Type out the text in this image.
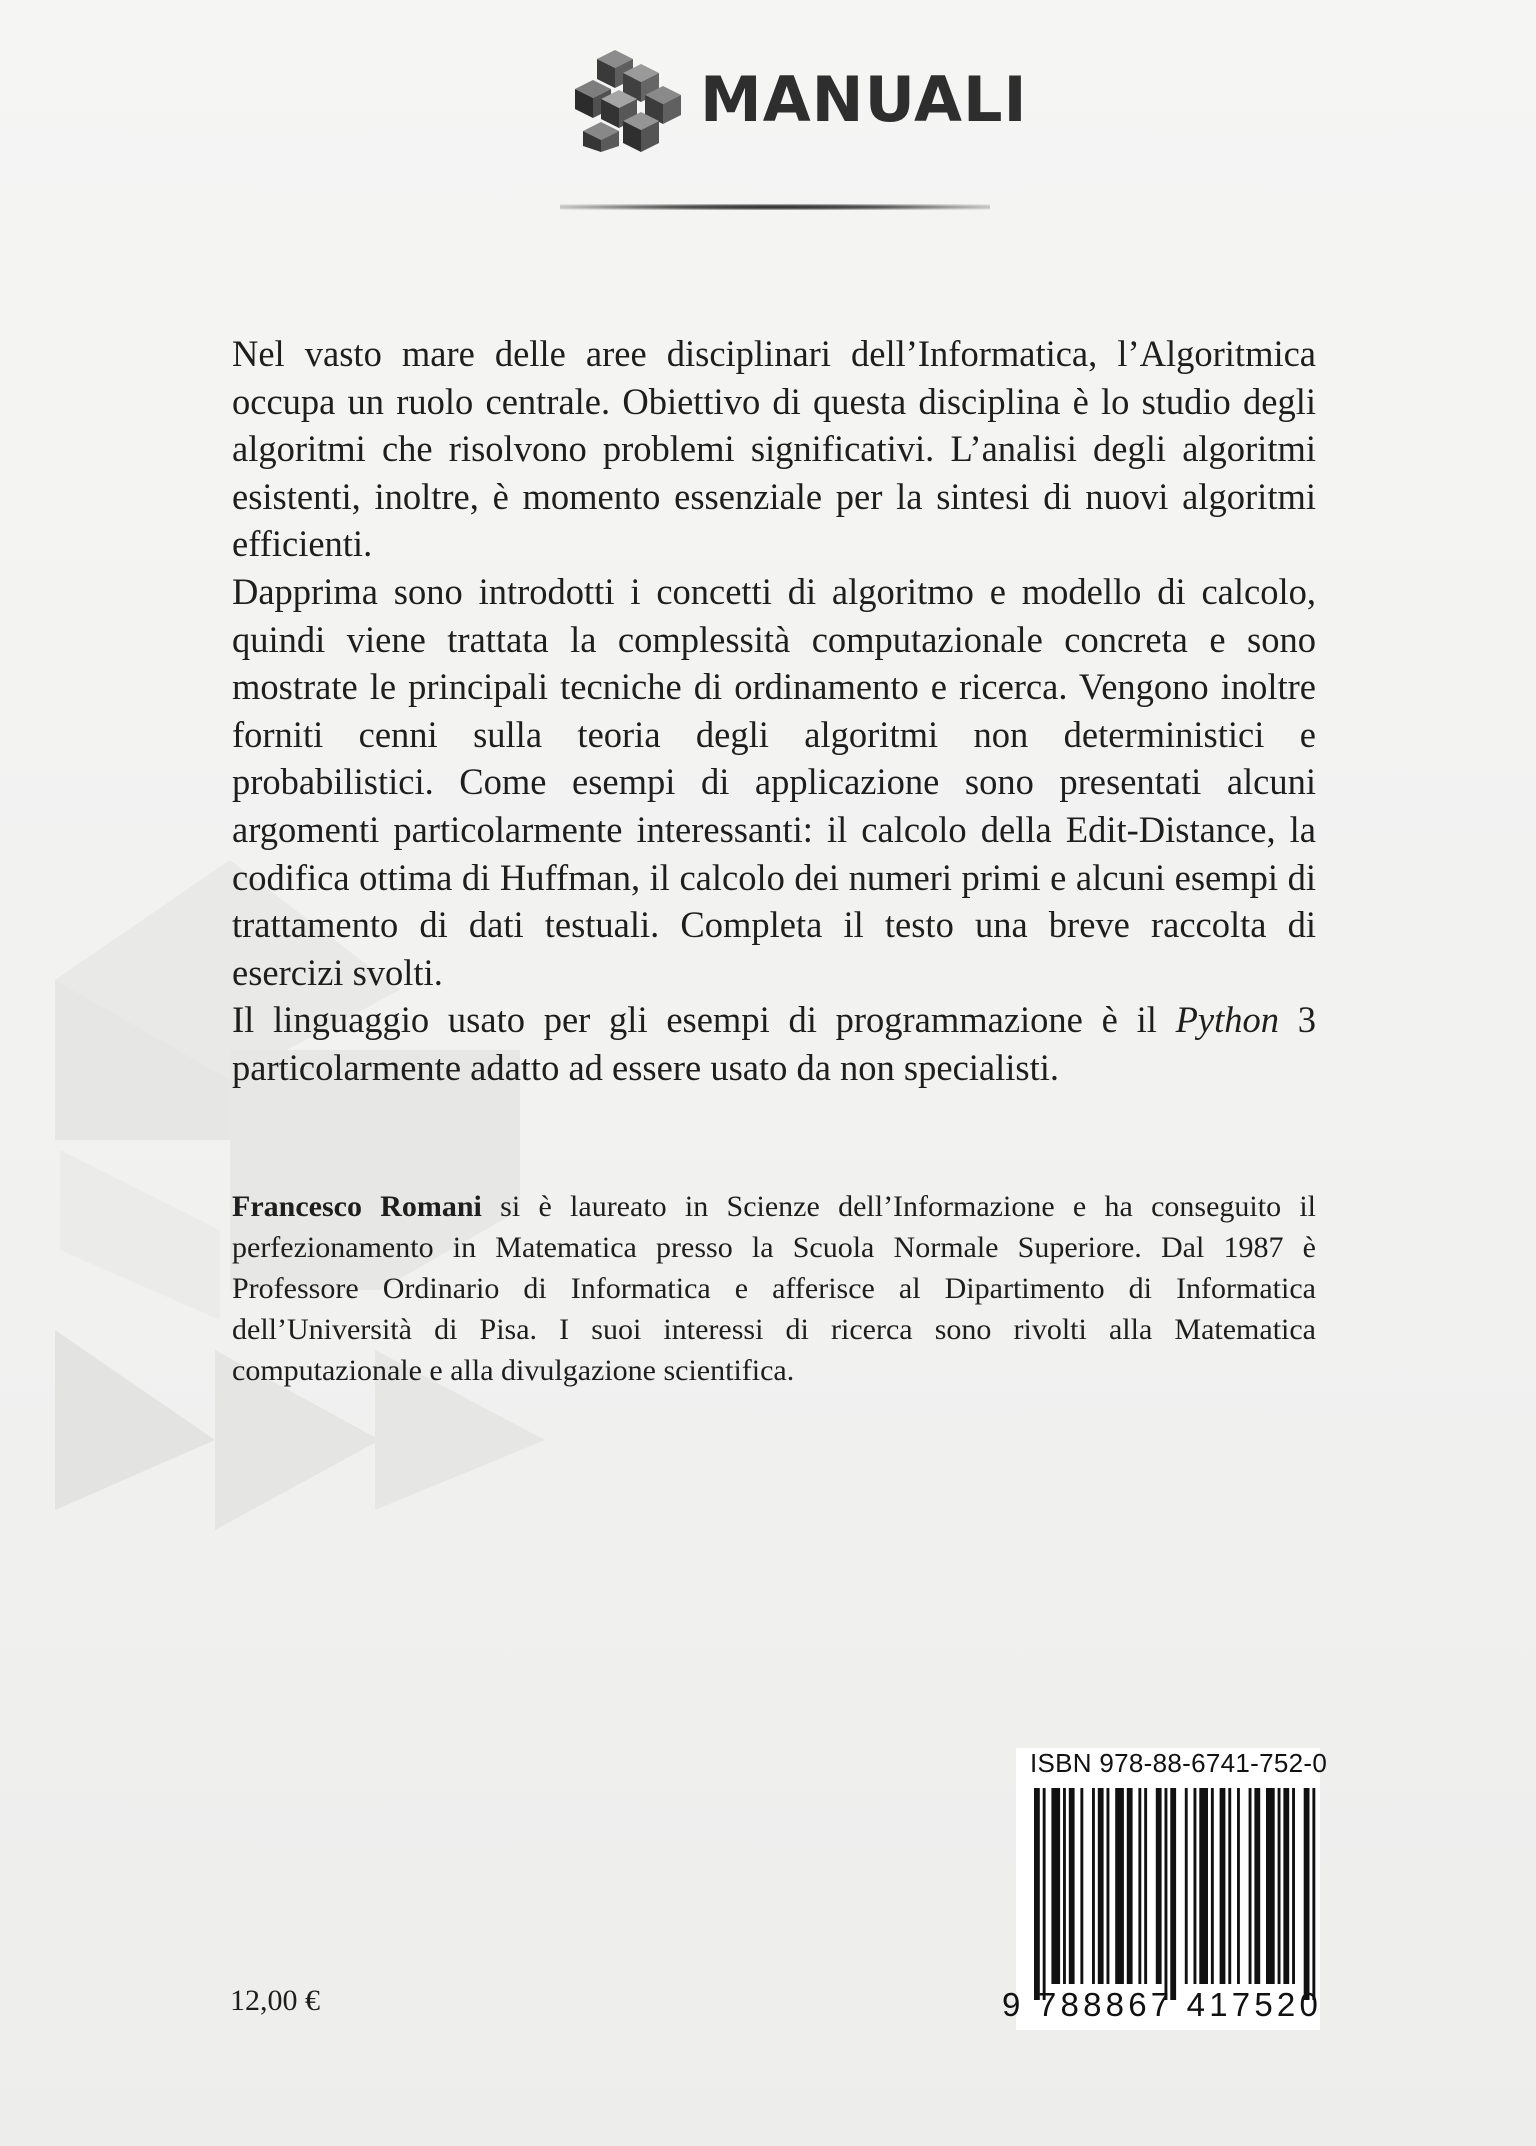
MANUALI

Nel vasto mare delle aree disciplinari dell’Informatica, l’Algoritmica occupa un ruolo centrale. Obiettivo di questa disciplina è lo studio degli algoritmi che risolvono problemi significativi. L’analisi degli algoritmi esistenti, inoltre, è momento essenziale per la sintesi di nuovi algoritmi efficienti.

Dapprima sono introdotti i concetti di algoritmo e modello di calcolo, quindi viene trattata la complessità computazionale concreta e sono mostrate le principali tecniche di ordinamento e ricerca. Vengono inoltre forniti cenni sulla teoria degli algoritmi non deterministici e probabilistici. Come esempi di applicazione sono presentati alcuni argomenti particolarmente interessanti: il calcolo della Edit-Distance, la codifica ottima di Huffman, il calcolo dei numeri primi e alcuni esempi di trattamento di dati testuali. Completa il testo una breve raccolta di esercizi svolti.

Il linguaggio usato per gli esempi di programmazione è il Python 3 particolarmente adatto ad essere usato da non specialisti.

Francesco Romani si è laureato in Scienze dell’Informazione e ha conseguito il perfezionamento in Matematica presso la Scuola Normale Superiore. Dal 1987 è Professore Ordinario di Informatica e afferisce al Dipartimento di Informatica dell’Università di Pisa. I suoi interessi di ricerca sono rivolti alla Matematica computazionale e alla divulgazione scientifica.
12,00 €
ISBN 978-88-6741-752-0
9 788867 417520
